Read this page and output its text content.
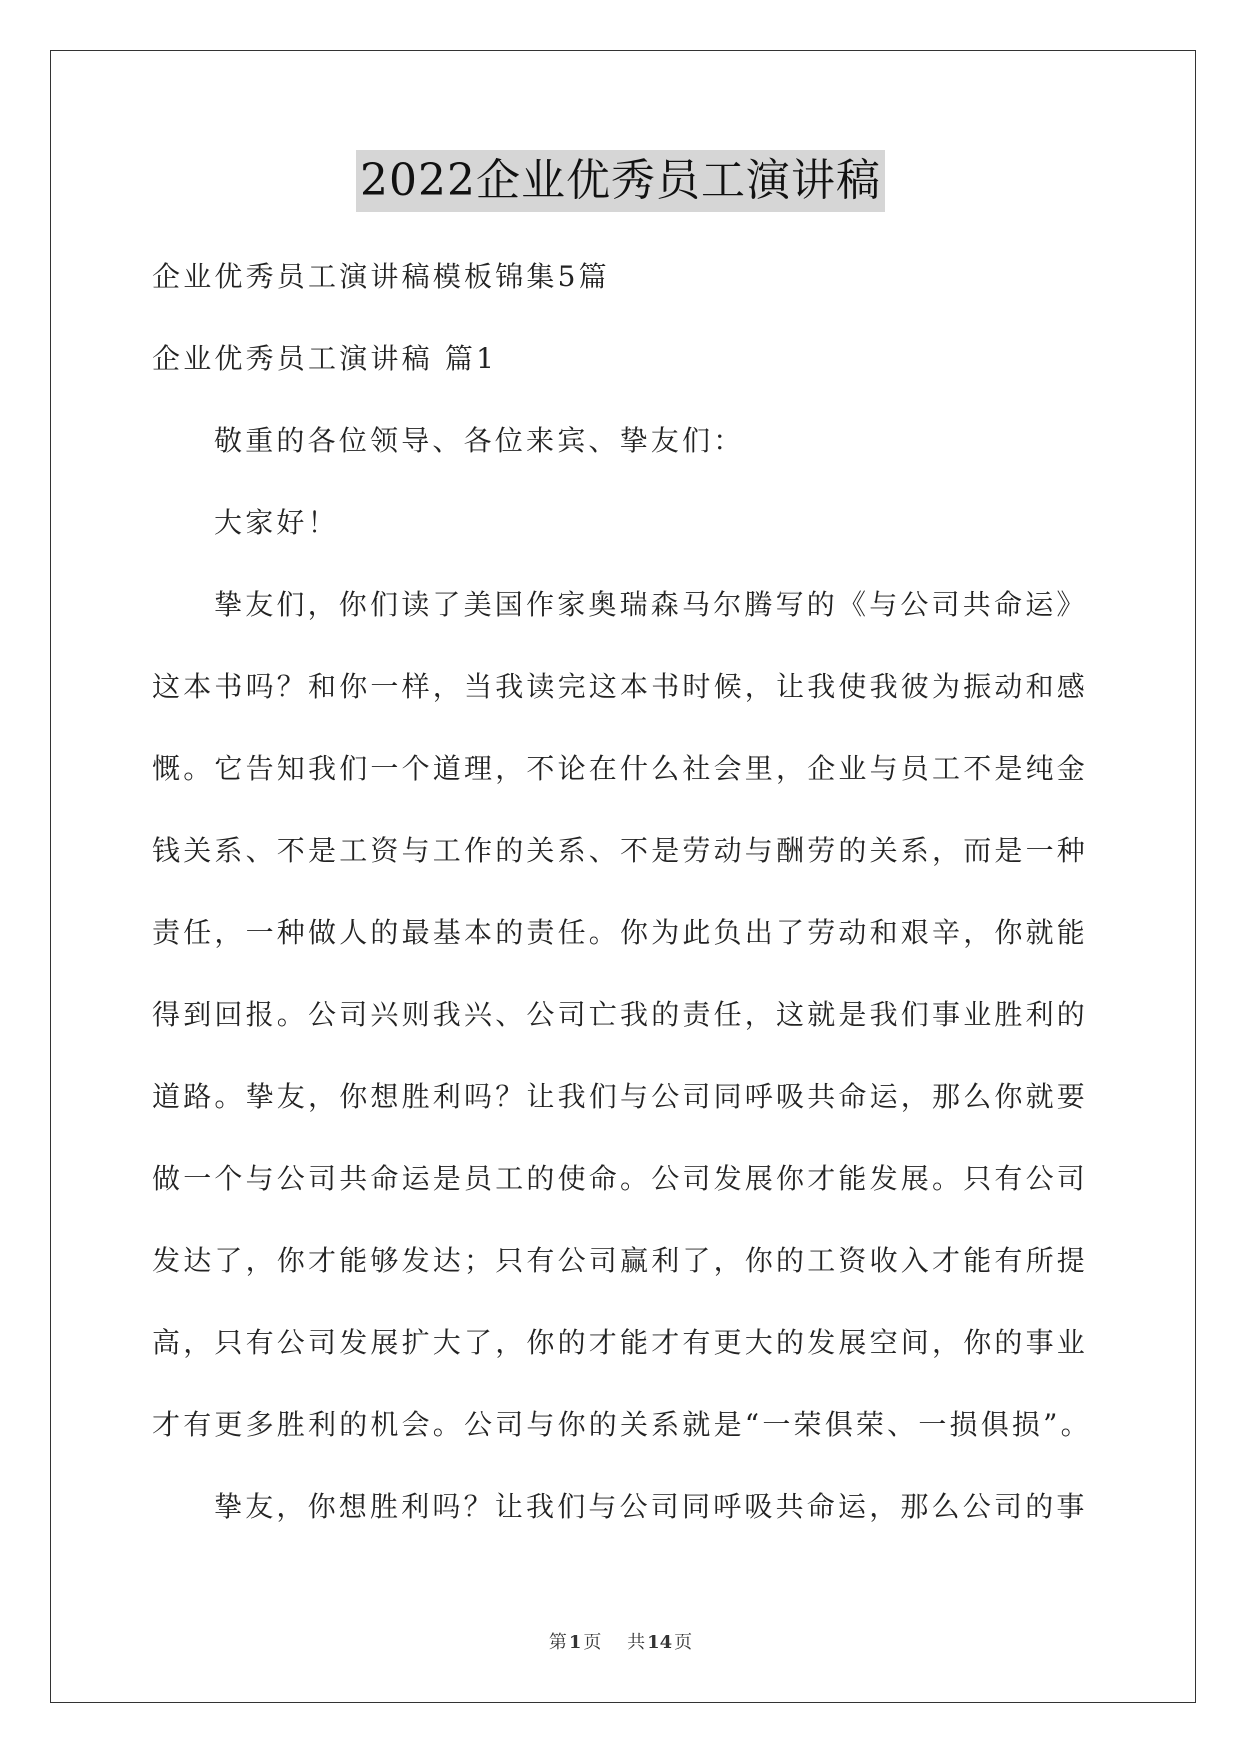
2022企业优秀员工演讲稿

企业优秀员工演讲稿模板锦集5篇

企业优秀员工演讲稿 篇1

敬重的各位领导、各位来宾、挚友们：

大家好！

挚友们，你们读了美国作家奥瑞森马尔腾写的《与公司共命运》

这本书吗？和你一样，当我读完这本书时候，让我使我彼为振动和感

慨。它告知我们一个道理，不论在什么社会里，企业与员工不是纯金

钱关系、不是工资与工作的关系、不是劳动与酬劳的关系，而是一种

责任，一种做人的最基本的责任。你为此负出了劳动和艰辛，你就能

得到回报。公司兴则我兴、公司亡我的责任，这就是我们事业胜利的

道路。挚友，你想胜利吗？让我们与公司同呼吸共命运，那么你就要

做一个与公司共命运是员工的使命。公司发展你才能发展。只有公司

发达了，你才能够发达；只有公司赢利了，你的工资收入才能有所提

高，只有公司发展扩大了，你的才能才有更大的发展空间，你的事业

才有更多胜利的机会。公司与你的关系就是“一荣俱荣、一损俱损”。

挚友，你想胜利吗？让我们与公司同呼吸共命运，那么公司的事

第 1 页 共 14 页
